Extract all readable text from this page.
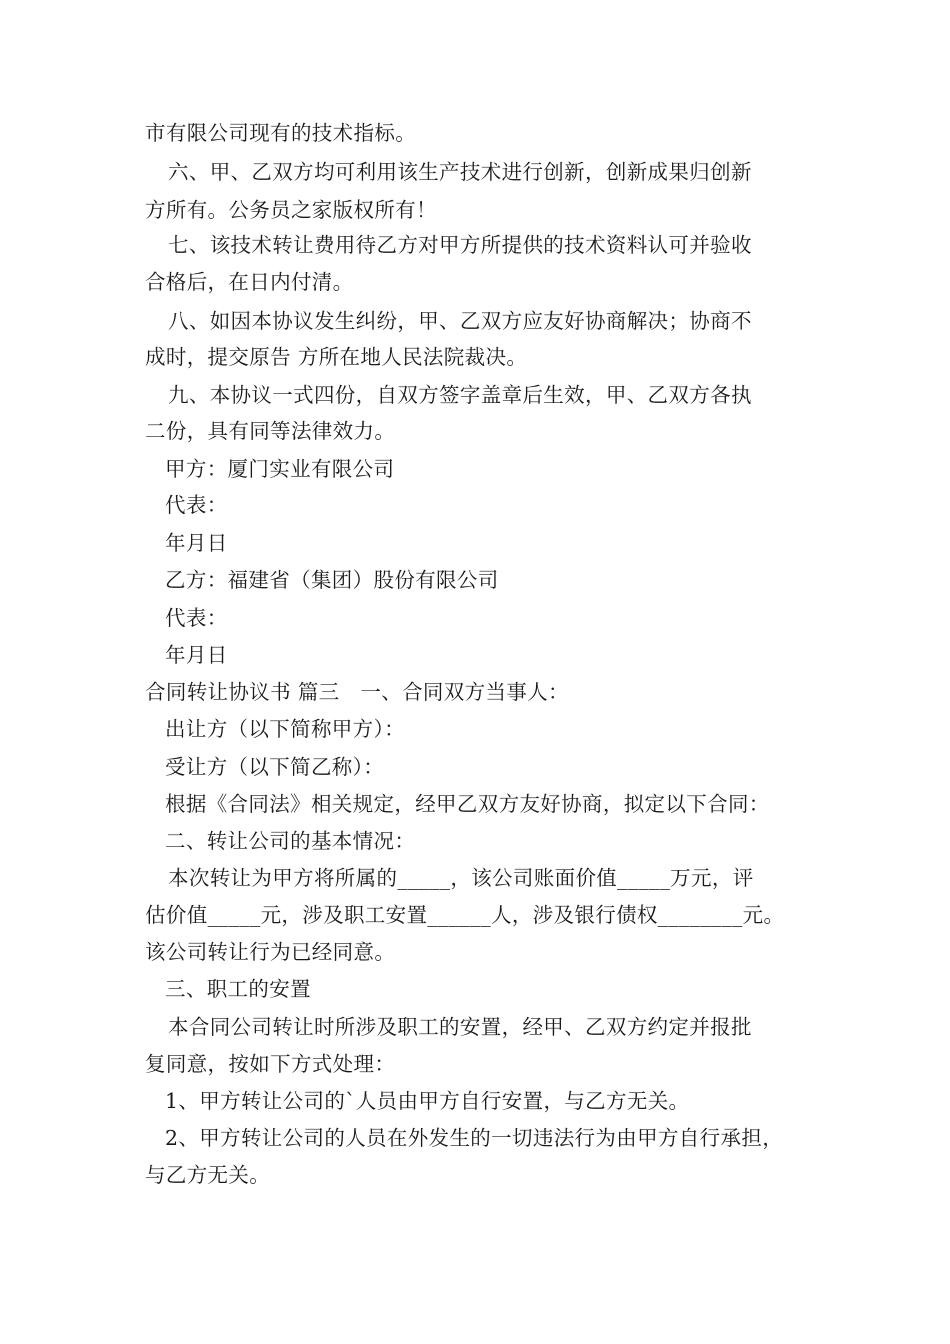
市有限公司现有的技术指标。
六、甲、乙双方均可利用该生产技术进行创新，创新成果归创新
方所有。公务员之家版权所有！
七、该技术转让费用待乙方对甲方所提供的技术资料认可并验收
合格后，在日内付清。
八、如因本协议发生纠纷，甲、乙双方应友好协商解决；协商不
成时，提交原告 方所在地人民法院裁决。
九、本协议一式四份，自双方签字盖章后生效，甲、乙双方各执
二份，具有同等法律效力。
甲方：厦门实业有限公司
代表：
年月日
乙方：福建省（集团）股份有限公司
代表：
年月日
合同转让协议书 篇三　一、合同双方当事人：
出让方（以下简称甲方）：
受让方（以下简乙称）：
根据《合同法》相关规定，经甲乙双方友好协商，拟定以下合同：
二、转让公司的基本情况：
本次转让为甲方将所属的_____，该公司账面价值_____万元，评
估价值_____元，涉及职工安置______人，涉及银行债权________元。
该公司转让行为已经同意。
三、职工的安置
本合同公司转让时所涉及职工的安置，经甲、乙双方约定并报批
复同意，按如下方式处理：
1、甲方转让公司的`人员由甲方自行安置，与乙方无关。
2、甲方转让公司的人员在外发生的一切违法行为由甲方自行承担，
与乙方无关。
